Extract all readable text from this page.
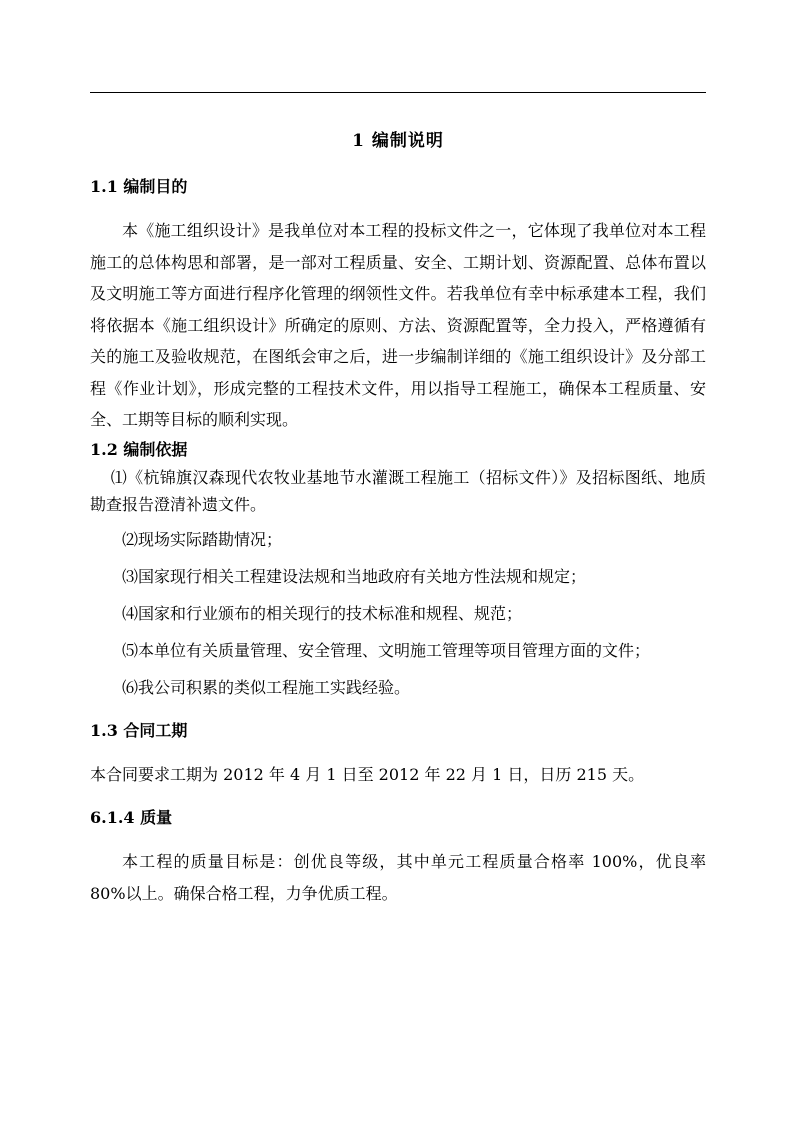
1 编制说明
1.1 编制目的

本《施工组织设计》是我单位对本工程的投标文件之一，它体现了我单位对本工程施工的总体构思和部署，是一部对工程质量、安全、工期计划、资源配置、总体布置以及文明施工等方面进行程序化管理的纲领性文件。若我单位有幸中标承建本工程，我们将依据本《施工组织设计》所确定的原则、方法、资源配置等，全力投入，严格遵循有关的施工及验收规范，在图纸会审之后，进一步编制详细的《施工组织设计》及分部工程《作业计划》，形成完整的工程技术文件，用以指导工程施工，确保本工程质量、安全、工期等目标的顺利实现。

1.2 编制依据

⑴《杭锦旗汉森现代农牧业基地节水灌溉工程施工（招标文件）》及招标图纸、地质勘查报告澄清补遗文件。

⑵现场实际踏勘情况；

⑶国家现行相关工程建设法规和当地政府有关地方性法规和规定；

⑷国家和行业颁布的相关现行的技术标准和规程、规范；

⑸本单位有关质量管理、安全管理、文明施工管理等项目管理方面的文件；

⑹我公司积累的类似工程施工实践经验。

1.3 合同工期

本合同要求工期为 2012 年 4 月 1 日至 2012 年 22 月 1 日，日历 215 天。

6.1.4 质量

本工程的质量目标是：创优良等级，其中单元工程质量合格率 100%，优良率 80%以上。确保合格工程，力争优质工程。
